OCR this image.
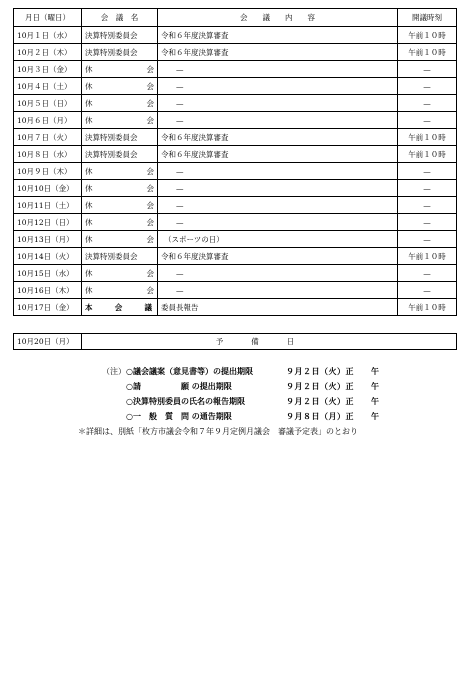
月日（曜日）	会　議　名	会　　議　　内　　容	開議時刻
10月１日（水）	決算特別委員会	令和６年度決算審査	午前１０時
10月２日（木）	決算特別委員会	令和６年度決算審査	午前１０時
10月３日（金）	休 会	—	—
10月４日（土）	休 会	—	—
10月５日（日）	休 会	—	—
10月６日（月）	休 会	—	—
10月７日（火）	決算特別委員会	令和６年度決算審査	午前１０時
10月８日（水）	決算特別委員会	令和６年度決算審査	午前１０時
10月９日（木）	休 会	—	—
10月10日（金）	休 会	—	—
10月11日（土）	休 会	—	—
10月12日（日）	休 会	—	—
10月13日（月）	休 会	（スポーツの日）	—
10月14日（火）	決算特別委員会	令和６年度決算審査	午前１０時
10月15日（水）	休 会	—	—
10月16日（木）	休 会	—	—
10月17日（金）	本 会 議	委員長報告	午前１０時
10月20日（月）	予備日
（注） ○議会議案（意見書等）の提出期限	９月２日（火）正　　午
○請　　　　　願 の提出期限	９月２日（火）正　　午
○決算特別委員の氏名の報告期限	９月２日（火）正　　午
○一　般　質　問 の通告期限	９月８日（月）正　　午
＊詳細は、別紙「枚方市議会令和７年９月定例月議会　審議予定表」のとおり
